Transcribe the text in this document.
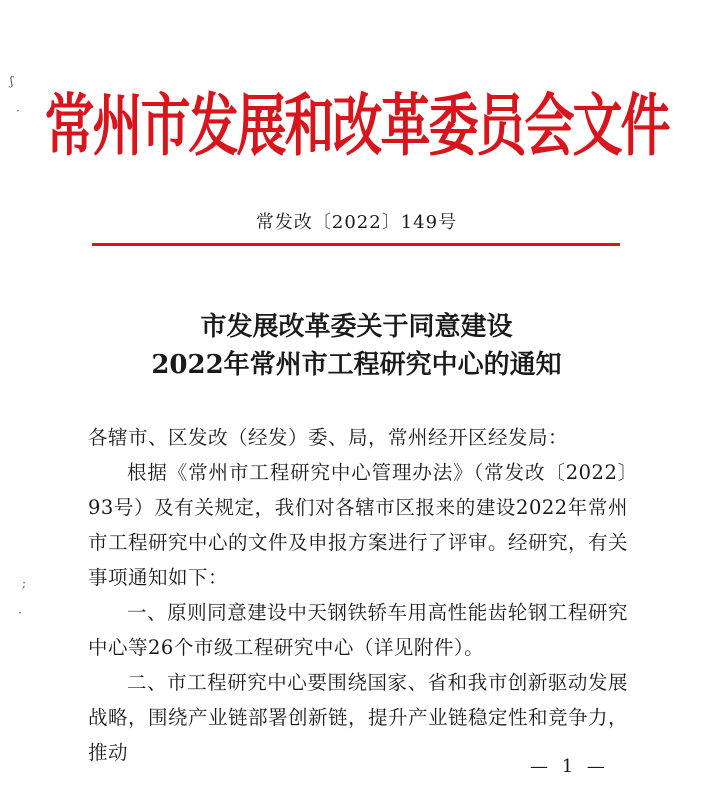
ʃ
·
;
·
常州市发展和改革委员会文件
常发改〔2022〕149号
市发展改革委关于同意建设
2022年常州市工程研究中心的通知

各辖市、区发改（经发）委、局，常州经开区经发局：

根据《常州市工程研究中心管理办法》（常发改〔2022〕93号）及有关规定，我们对各辖市区报来的建设2022年常州市工程研究中心的文件及申报方案进行了评审。经研究，有关事项通知如下：

一、原则同意建设中天钢铁轿车用高性能齿轮钢工程研究中心等26个市级工程研究中心（详见附件）。

二、市工程研究中心要围绕国家、省和我市创新驱动发展战略，围绕产业链部署创新链，提升产业链稳定性和竞争力，推动

— 1 —
